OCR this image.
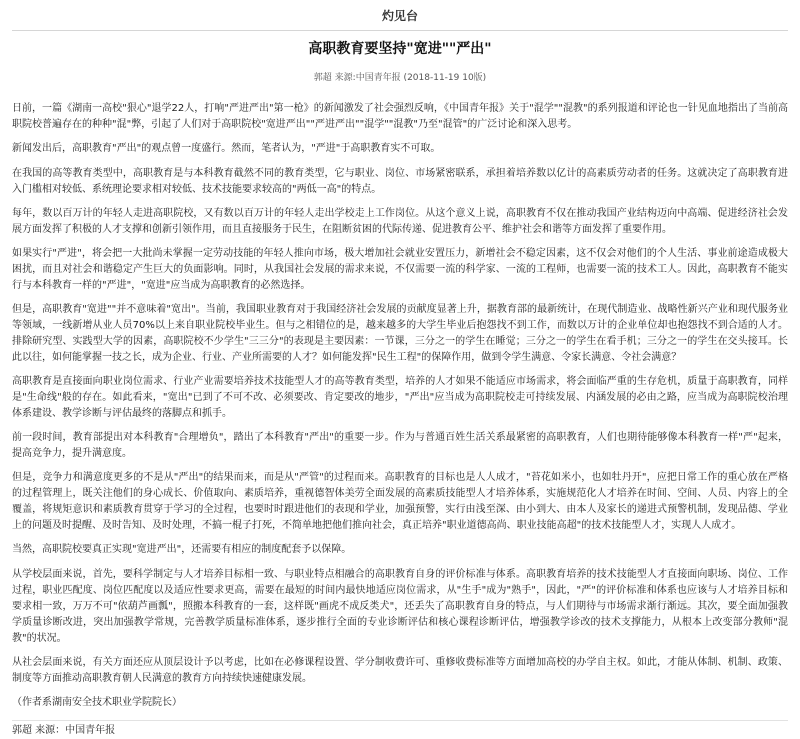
灼见台
高职教育要坚持"宽进""严出"
郭超 来源:中国青年报 (2018-11-19 10版)

日前，一篇《湖南一高校"狠心"退学22人，打响"严进严出"第一枪》的新闻激发了社会强烈反响，《中国青年报》关于"混学""混教"的系列报道和评论也一针见血地指出了当前高职院校普遍存在的种种"混"弊，引起了人们对于高职院校"宽进严出""严进严出""混学""混教"乃至"混管"的广泛讨论和深入思考。

新闻发出后，高职教育"严出"的观点曾一度盛行。然而，笔者认为，"严进"于高职教育实不可取。

在我国的高等教育类型中，高职教育是与本科教育截然不同的教育类型，它与职业、岗位、市场紧密联系，承担着培养数以亿计的高素质劳动者的任务。这就决定了高职教育进入门槛相对较低、系统理论要求相对较低、技术技能要求较高的"两低一高"的特点。

每年，数以百万计的年轻人走进高职院校，又有数以百万计的年轻人走出学校走上工作岗位。从这个意义上说，高职教育不仅在推动我国产业结构迈向中高端、促进经济社会发展方面发挥了积极的人才支撑和创新引领作用，而且直接服务于民生，在阻断贫困的代际传递、促进教育公平、维护社会和谐等方面发挥了重要作用。

如果实行"严进"，将会把一大批尚未掌握一定劳动技能的年轻人推向市场，极大增加社会就业安置压力，新增社会不稳定因素，这不仅会对他们的个人生活、事业前途造成极大困扰，而且对社会和谐稳定产生巨大的负面影响。同时，从我国社会发展的需求来说，不仅需要一流的科学家、一流的工程师，也需要一流的技术工人。因此，高职教育不能实行与本科教育一样的"严进"，"宽进"应当成为高职教育的必然选择。

但是，高职教育"宽进""并不意味着"宽出"。当前，我国职业教育对于我国经济社会发展的贡献度显著上升，据教育部的最新统计，在现代制造业、战略性新兴产业和现代服务业等领域，一线新增从业人员70%以上来自职业院校毕业生。但与之相错位的是，越来越多的大学生毕业后抱怨找不到工作，而数以万计的企业单位却也抱怨找不到合适的人才。排除研究型、实践型大学的因素，高职院校不少学生"三三分"的表现是主要因素：一节课，三分之一的学生在睡觉；三分之一的学生在看手机；三分之一的学生在交头接耳。长此以往，如何能掌握一技之长，成为企业、行业、产业所需要的人才？如何能发挥"民生工程"的保障作用，做到令学生满意、令家长满意、令社会满意？

高职教育是直接面向职业岗位需求、行业产业需要培养技术技能型人才的高等教育类型，培养的人才如果不能适应市场需求，将会面临严重的生存危机，质量于高职教育，同样是"生命线"般的存在。如此看来，"宽出"已到了不可不改、必须要改、肯定要改的地步，"严出"应当成为高职院校走可持续发展、内涵发展的必由之路，应当成为高职院校治理体系建设、教学诊断与评估最终的落脚点和抓手。

前一段时间，教育部提出对本科教育"合理增负"，踏出了本科教育"严出"的重要一步。作为与普通百姓生活关系最紧密的高职教育，人们也期待能够像本科教育一样"严"起来，提高竞争力，提升满意度。

但是，竞争力和满意度更多的不是从"严出"的结果而来，而是从"严管"的过程而来。高职教育的目标也是人人成才，"苔花如米小，也如牡丹开"，应把日常工作的重心放在严格的过程管理上，既关注他们的身心成长、价值取向、素质培养，重视德智体美劳全面发展的高素质技能型人才培养体系，实施规范化人才培养在时间、空间、人员、内容上的全覆盖，将规矩意识和素质教育贯穿于学习的全过程，也要时时跟进他们的表现和学业，加强预警，实行由浅至深、由小到大、由本人及家长的递进式预警机制，发现品德、学业上的问题及时提醒、及时告知、及时处理，不搞一棍子打死，不简单地把他们推向社会，真正培养"职业道德高尚、职业技能高超"的技术技能型人才，实现人人成才。

当然，高职院校要真正实现"宽进严出"，还需要有相应的制度配套予以保障。

从学校层面来说，首先，要科学制定与人才培养目标相一致、与职业特点相融合的高职教育自身的评价标准与体系。高职教育培养的技术技能型人才直接面向职场、岗位、工作过程，职业匹配度、岗位匹配度以及适应性要求更高，需要在最短的时间内最快地适应岗位需求，从"生手"成为"熟手"，因此，"严"的评价标准和体系也应该与人才培养目标和要求相一致，万万不可"依葫芦画瓢"，照搬本科教育的一套，这样既"画虎不成反类犬"，还丢失了高职教育自身的特点，与人们期待与市场需求渐行渐远。其次，要全面加强教学质量诊断改进，突出加强教学常规，完善教学质量标准体系，逐步推行全面的专业诊断评估和核心课程诊断评估，增强教学诊改的技术支撑能力，从根本上改变部分教师"混教"的状况。

从社会层面来说，有关方面还应从顶层设计予以考虑，比如在必修课程设置、学分制收费许可、重修收费标准等方面增加高校的办学自主权。如此，才能从体制、机制、政策、制度等方面推动高职教育朝人民满意的教育方向持续快速健康发展。

（作者系湖南安全技术职业学院院长）

郭超 来源：中国青年报
